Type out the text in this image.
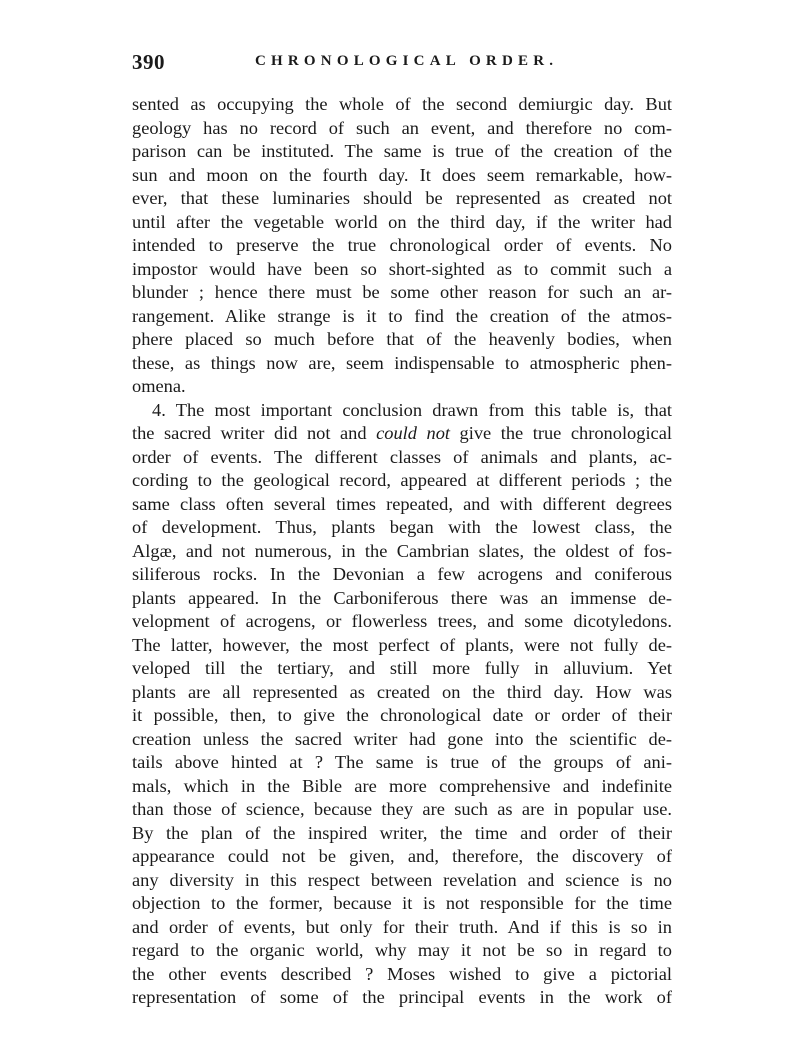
390	CHRONOLOGICAL ORDER.
sented as occupying the whole of the second demiurgic day. But
geology has no record of such an event, and therefore no com-
parison can be instituted. The same is true of the creation of the
sun and moon on the fourth day. It does seem remarkable, how-
ever, that these luminaries should be represented as created not
until after the vegetable world on the third day, if the writer had
intended to preserve the true chronological order of events. No
impostor would have been so short-sighted as to commit such a
blunder ; hence there must be some other reason for such an ar-
rangement. Alike strange is it to find the creation of the atmos-
phere placed so much before that of the heavenly bodies, when
these, as things now are, seem indispensable to atmospheric phen-
omena.
4. The most important conclusion drawn from this table is, that
the sacred writer did not and could not give the true chronological
order of events. The different classes of animals and plants, ac-
cording to the geological record, appeared at different periods ; the
same class often several times repeated, and with different degrees
of development. Thus, plants began with the lowest class, the
Algæ, and not numerous, in the Cambrian slates, the oldest of fos-
siliferous rocks. In the Devonian a few acrogens and coniferous
plants appeared. In the Carboniferous there was an immense de-
velopment of acrogens, or flowerless trees, and some dicotyledons.
The latter, however, the most perfect of plants, were not fully de-
veloped till the tertiary, and still more fully in alluvium. Yet
plants are all represented as created on the third day. How was
it possible, then, to give the chronological date or order of their
creation unless the sacred writer had gone into the scientific de-
tails above hinted at ? The same is true of the groups of ani-
mals, which in the Bible are more comprehensive and indefinite
than those of science, because they are such as are in popular use.
By the plan of the inspired writer, the time and order of their
appearance could not be given, and, therefore, the discovery of
any diversity in this respect between revelation and science is no
objection to the former, because it is not responsible for the time
and order of events, but only for their truth. And if this is so in
regard to the organic world, why may it not be so in regard to
the other events described ? Moses wished to give a pictorial
representation of some of the principal events in the work of
